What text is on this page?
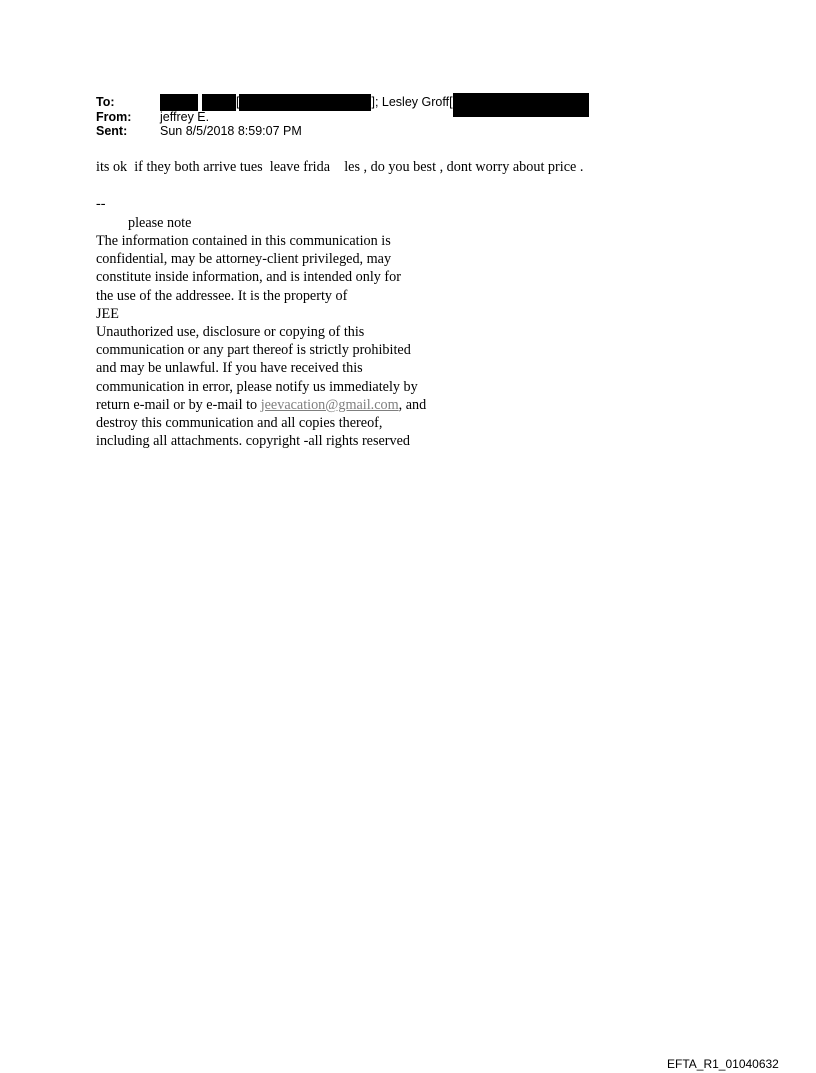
To:	[	]; Lesley Groff[
From:	jeffrey E.
Sent:	Sun 8/5/2018 8:59:07 PM
its ok  if they both arrive tues  leave frida    les , do you best , dont worry about price .
--
please note
The information contained in this communication is
confidential, may be attorney-client privileged, may
constitute inside information, and is intended only for
the use of the addressee. It is the property of
JEE
Unauthorized use, disclosure or copying of this
communication or any part thereof is strictly prohibited
and may be unlawful. If you have received this
communication in error, please notify us immediately by
return e-mail or by e-mail to jeevacation@gmail.com, and
destroy this communication and all copies thereof,
including all attachments. copyright -all rights reserved
EFTA_R1_01040632
